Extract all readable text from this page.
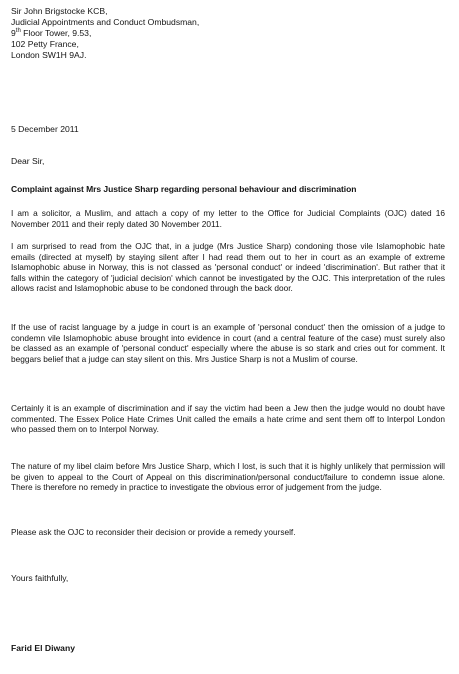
Sir John Brigstocke KCB,
Judicial Appointments and Conduct Ombudsman,
9th Floor Tower, 9.53,
102 Petty France,
London SW1H 9AJ.
5 December 2011
Dear Sir,
Complaint against Mrs Justice Sharp regarding personal behaviour and discrimination
I am a solicitor, a Muslim, and attach a copy of my letter to the Office for Judicial Complaints (OJC) dated 16 November 2011 and their reply dated 30 November 2011.
I am surprised to read from the OJC that, in a judge (Mrs Justice Sharp) condoning those vile Islamophobic hate emails (directed at myself) by staying silent after I had read them out to her in court as an example of extreme Islamophobic abuse in Norway, this is not classed as 'personal conduct' or indeed 'discrimination'. But rather that it falls within the category of 'judicial decision' which cannot be investigated by the OJC. This interpretation of the rules allows racist and Islamophobic abuse to be condoned through the back door.
If the use of racist language by a judge in court is an example of 'personal conduct' then the omission of a judge to condemn vile Islamophobic abuse brought into evidence in court (and a central feature of the case) must surely also be classed as an example of 'personal conduct' especially where the abuse is so stark and cries out for comment. It beggars belief that a judge can stay silent on this. Mrs Justice Sharp is not a Muslim of course.
Certainly it is an example of discrimination and if say the victim had been a Jew then the judge would no doubt have commented. The Essex Police Hate Crimes Unit called the emails a hate crime and sent them off to Interpol London who passed them on to Interpol Norway.
The nature of my libel claim before Mrs Justice Sharp, which I lost, is such that it is highly unlikely that permission will be given to appeal to the Court of Appeal on this discrimination/personal conduct/failure to condemn issue alone. There is therefore no remedy in practice to investigate the obvious error of judgement from the judge.
Please ask the OJC to reconsider their decision or provide a remedy yourself.
Yours faithfully,
Farid El Diwany
